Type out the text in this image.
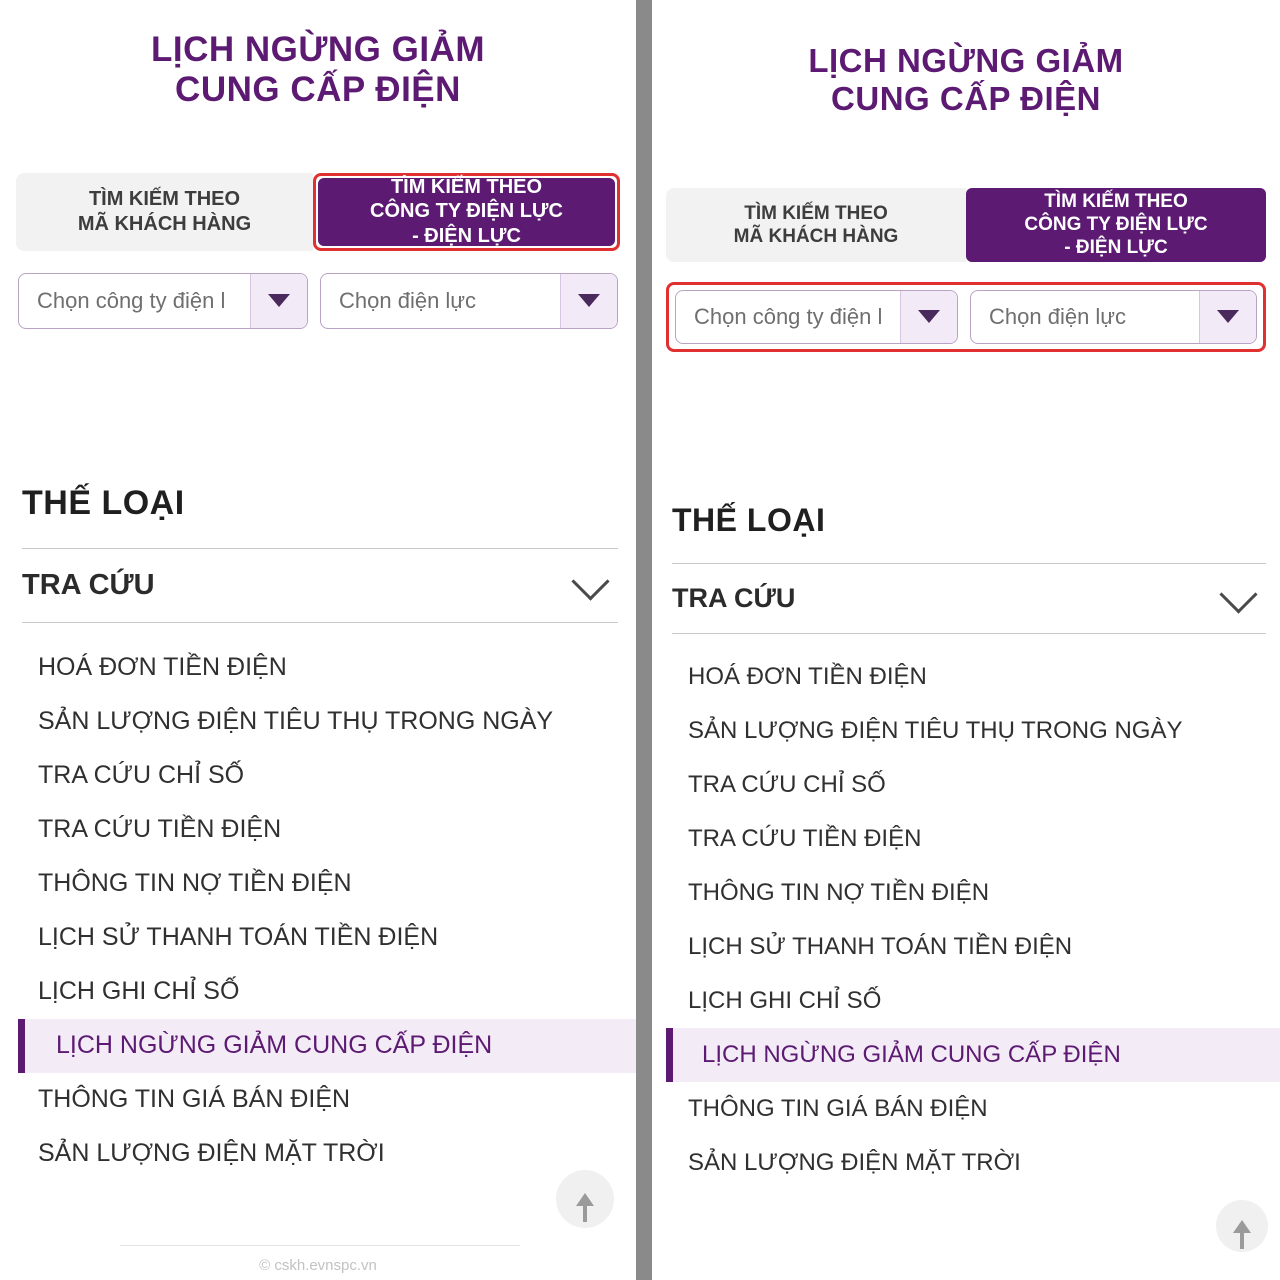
LỊCH NGỪNG GIẢM
CUNG CẤP ĐIỆN
TÌM KIẾM THEO
MÃ KHÁCH HÀNG
TÌM KIẾM THEO
CÔNG TY ĐIỆN LỰC
- ĐIỆN LỰC
Chọn công ty điện l	Chọn điện lực
THẾ LOẠI
TRA CỨU
HOÁ ĐƠN TIỀN ĐIỆN
SẢN LƯỢNG ĐIỆN TIÊU THỤ TRONG NGÀY
TRA CỨU CHỈ SỐ
TRA CỨU TIỀN ĐIỆN
THÔNG TIN NỢ TIỀN ĐIỆN
LỊCH SỬ THANH TOÁN TIỀN ĐIỆN
LỊCH GHI CHỈ SỐ
LỊCH NGỪNG GIẢM CUNG CẤP ĐIỆN
THÔNG TIN GIÁ BÁN ĐIỆN
SẢN LƯỢNG ĐIỆN MẶT TRỜI
© cskh.evnspc.vn
LỊCH NGỪNG GIẢM
CUNG CẤP ĐIỆN
TÌM KIẾM THEO
MÃ KHÁCH HÀNG
TÌM KIẾM THEO
CÔNG TY ĐIỆN LỰC
- ĐIỆN LỰC
Chọn công ty điện l	Chọn điện lực
THẾ LOẠI
TRA CỨU
HOÁ ĐƠN TIỀN ĐIỆN
SẢN LƯỢNG ĐIỆN TIÊU THỤ TRONG NGÀY
TRA CỨU CHỈ SỐ
TRA CỨU TIỀN ĐIỆN
THÔNG TIN NỢ TIỀN ĐIỆN
LỊCH SỬ THANH TOÁN TIỀN ĐIỆN
LỊCH GHI CHỈ SỐ
LỊCH NGỪNG GIẢM CUNG CẤP ĐIỆN
THÔNG TIN GIÁ BÁN ĐIỆN
SẢN LƯỢNG ĐIỆN MẶT TRỜI
